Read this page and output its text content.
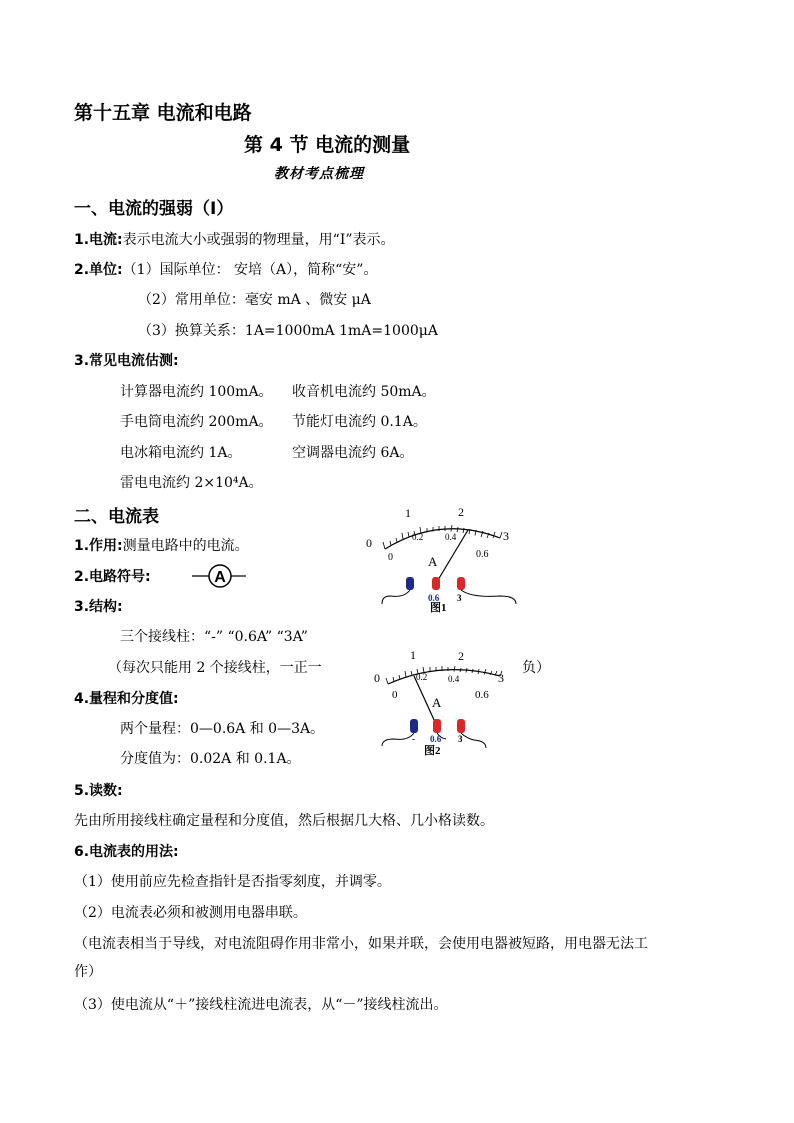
第十五章 电流和电路
第 4 节 电流的测量
教材考点梳理
一、电流的强弱（I）
1.电流:表示电流大小或强弱的物理量，用“I”表示。
2.单位:（1）国际单位： 安培（A），简称“安”。
（2）常用单位：毫安 mA 、微安 μA
（3）换算关系：1A=1000mA 1mA=1000μA
3.常见电流估测:
计算器电流约 100mA。 收音机电流约 50mA。
手电筒电流约 200mA。 节能灯电流约 0.1A。
电冰箱电流约 1A。	空调器电流约 6A。
雷电电流约 2×10⁴A。
二、电流表
1.作用:测量电路中的电流。
2.电路符号:	A
3.结构:
三个接线柱：“-” “0.6A” “3A”
（每次只能用 2 个接线柱，一正一	负）
4.量程和分度值:
两个量程：0—0.6A 和 0—3A。
分度值为：0.02A 和 0.1A。
5.读数:
先由所用接线柱确定量程和分度值，然后根据几大格、几小格读数。
6.电流表的用法:
（1）使用前应先检查指针是否指零刻度，并调零。
（2）电流表必须和被测用电器串联。
（电流表相当于导线，对电流阻碍作用非常小，如果并联，会使用电器被短路，用电器无法工
作）
（3）使电流从“＋”接线柱流进电流表，从“－”接线柱流出。
0
1	2
3
0
0.2 0.4
0.6
A
0.6 3
图1
0
1	2
3
0
0.2 0.4
0.6
A
- 0.6 3
图2
